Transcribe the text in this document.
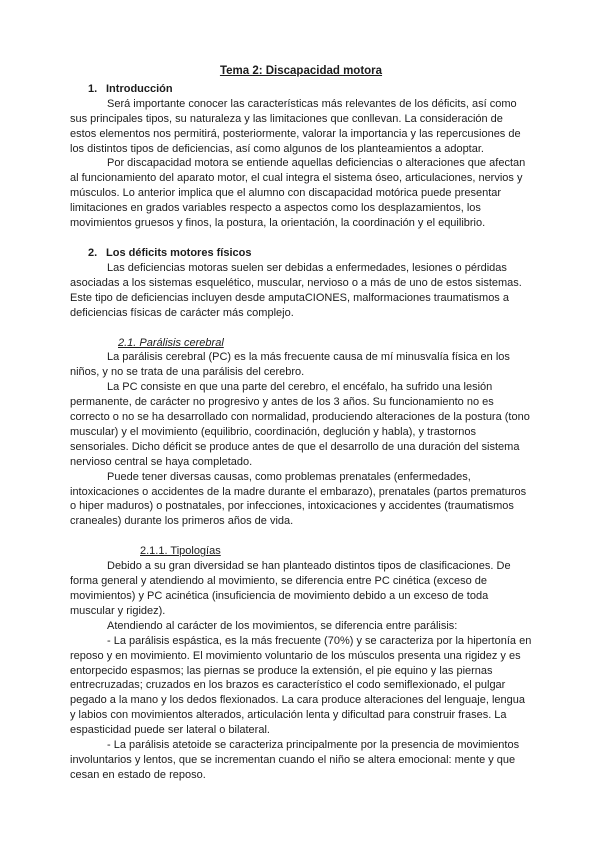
Tema 2: Discapacidad motora
1. Introducción

Será importante conocer las características más relevantes de los déficits, así como sus principales tipos, su naturaleza y las limitaciones que conllevan. La consideración de estos elementos nos permitirá, posteriormente, valorar la importancia y las repercusiones de los distintos tipos de deficiencias, así como algunos de los planteamientos a adoptar.

Por discapacidad motora se entiende aquellas deficiencias o alteraciones que afectan al funcionamiento del aparato motor, el cual integra el sistema óseo, articulaciones, nervios y músculos. Lo anterior implica que el alumno con discapacidad motórica puede presentar limitaciones en grados variables respecto a aspectos como los desplazamientos, los movimientos gruesos y finos, la postura, la orientación, la coordinación y el equilibrio.

2. Los déficits motores físicos

Las deficiencias motoras suelen ser debidas a enfermedades, lesiones o pérdidas asociadas a los sistemas esquelético, muscular, nervioso o a más de uno de estos sistemas. Este tipo de deficiencias incluyen desde amputaCIONES, malformaciones traumatismos a deficiencias físicas de carácter más complejo.

2.1. Parálisis cerebral

La parálisis cerebral (PC) es la más frecuente causa de mí minusvalía física en los niños, y no se trata de una parálisis del cerebro.

La PC consiste en que una parte del cerebro, el encéfalo, ha sufrido una lesión permanente, de carácter no progresivo y antes de los 3 años. Su funcionamiento no es correcto o no se ha desarrollado con normalidad, produciendo alteraciones de la postura (tono muscular) y el movimiento (equilibrio, coordinación, deglución y habla), y trastornos sensoriales. Dicho déficit se produce antes de que el desarrollo de una duración del sistema nervioso central se haya completado.

Puede tener diversas causas, como problemas prenatales (enfermedades, intoxicaciones o accidentes de la madre durante el embarazo), prenatales (partos prematuros o hiper maduros) o postnatales, por infecciones, intoxicaciones y accidentes (traumatismos craneales) durante los primeros años de vida.

2.1.1. Tipologías

Debido a su gran diversidad se han planteado distintos tipos de clasificaciones. De forma general y atendiendo al movimiento, se diferencia entre PC cinética (exceso de movimientos) y PC acinética (insuficiencia de movimiento debido a un exceso de toda muscular y rigidez).

Atendiendo al carácter de los movimientos, se diferencia entre parálisis:

- La parálisis espástica, es la más frecuente (70%) y se caracteriza por la hipertonía en reposo y en movimiento. El movimiento voluntario de los músculos presenta una rigidez y es entorpecido espasmos; las piernas se produce la extensión, el pie equino y las piernas entrecruzadas; cruzados en los brazos es característico el codo semiflexionado, el pulgar pegado a la mano y los dedos flexionados. La cara produce alteraciones del lenguaje, lengua y labios con movimientos alterados, articulación lenta y dificultad para construir frases. La espasticidad puede ser lateral o bilateral.

- La parálisis atetoide se caracteriza principalmente por la presencia de movimientos involuntarios y lentos, que se incrementan cuando el niño se altera emocional: mente y que cesan en estado de reposo.
